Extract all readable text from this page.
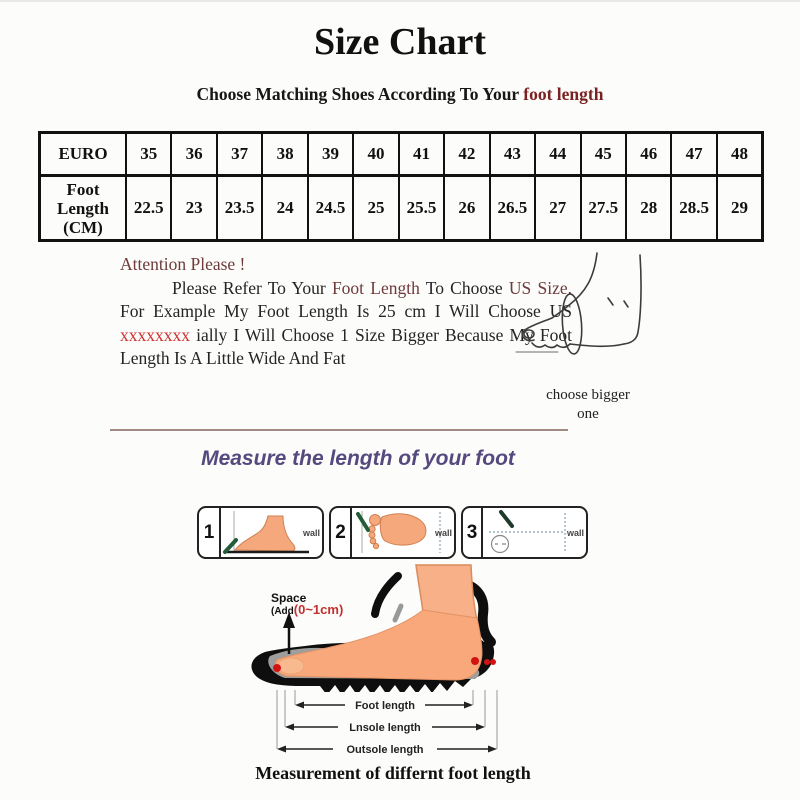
Size Chart
Choose Matching Shoes According To Your foot length
EURO	35	36	37	38	39	40	41	42	43	44	45	46	47	48

Foot
Length
(CM)	22.5	23	23.5	24	24.5	25	25.5	26	26.5	27	27.5	28	28.5	29
Attention Please !
Please Refer To Your Foot Length To Choose US Size. For Example My Foot Length Is 25 cm I Will Choose US xxxxxxxx ially I Will Choose 1 Size Bigger Because My Foot Length Is A Little Wide And Fat
choose bigger one
Measure the length of your foot
1	wall 2	wall 3	wall
Space
(Add(0~1cm)
Foot length
Lnsole length
Outsole length
Measurement of differnt foot length
